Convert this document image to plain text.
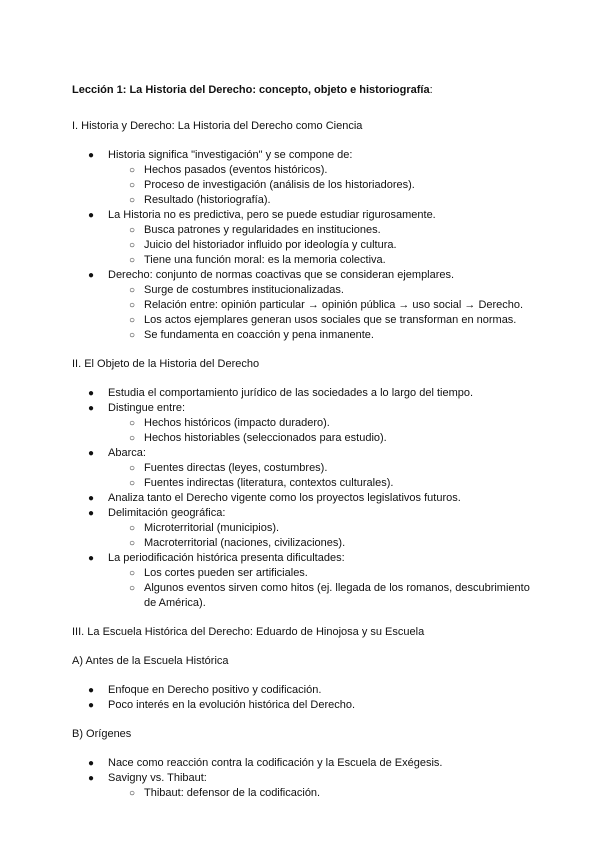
Lección 1: La Historia del Derecho: concepto, objeto e historiografía:
I. Historia y Derecho: La Historia del Derecho como Ciencia
● Historia significa "investigación" y se compone de:
○ Hechos pasados (eventos históricos).
○ Proceso de investigación (análisis de los historiadores).
○ Resultado (historiografía).
● La Historia no es predictiva, pero se puede estudiar rigurosamente.
○ Busca patrones y regularidades en instituciones.
○ Juicio del historiador influido por ideología y cultura.
○ Tiene una función moral: es la memoria colectiva.
● Derecho: conjunto de normas coactivas que se consideran ejemplares.
○ Surge de costumbres institucionalizadas.
○ Relación entre: opinión particular → opinión pública → uso social → Derecho.
○ Los actos ejemplares generan usos sociales que se transforman en normas.
○ Se fundamenta en coacción y pena inmanente.
II. El Objeto de la Historia del Derecho
● Estudia el comportamiento jurídico de las sociedades a lo largo del tiempo.
● Distingue entre:
○ Hechos históricos (impacto duradero).
○ Hechos historiables (seleccionados para estudio).
● Abarca:
○ Fuentes directas (leyes, costumbres).
○ Fuentes indirectas (literatura, contextos culturales).
● Analiza tanto el Derecho vigente como los proyectos legislativos futuros.
● Delimitación geográfica:
○ Microterritorial (municipios).
○ Macroterritorial (naciones, civilizaciones).
● La periodificación histórica presenta dificultades:
○ Los cortes pueden ser artificiales.
○ Algunos eventos sirven como hitos (ej. llegada de los romanos, descubrimiento de América).
III. La Escuela Histórica del Derecho: Eduardo de Hinojosa y su Escuela
A) Antes de la Escuela Histórica
● Enfoque en Derecho positivo y codificación.
● Poco interés en la evolución histórica del Derecho.
B) Orígenes
● Nace como reacción contra la codificación y la Escuela de Exégesis.
● Savigny vs. Thibaut:
○ Thibaut: defensor de la codificación.
